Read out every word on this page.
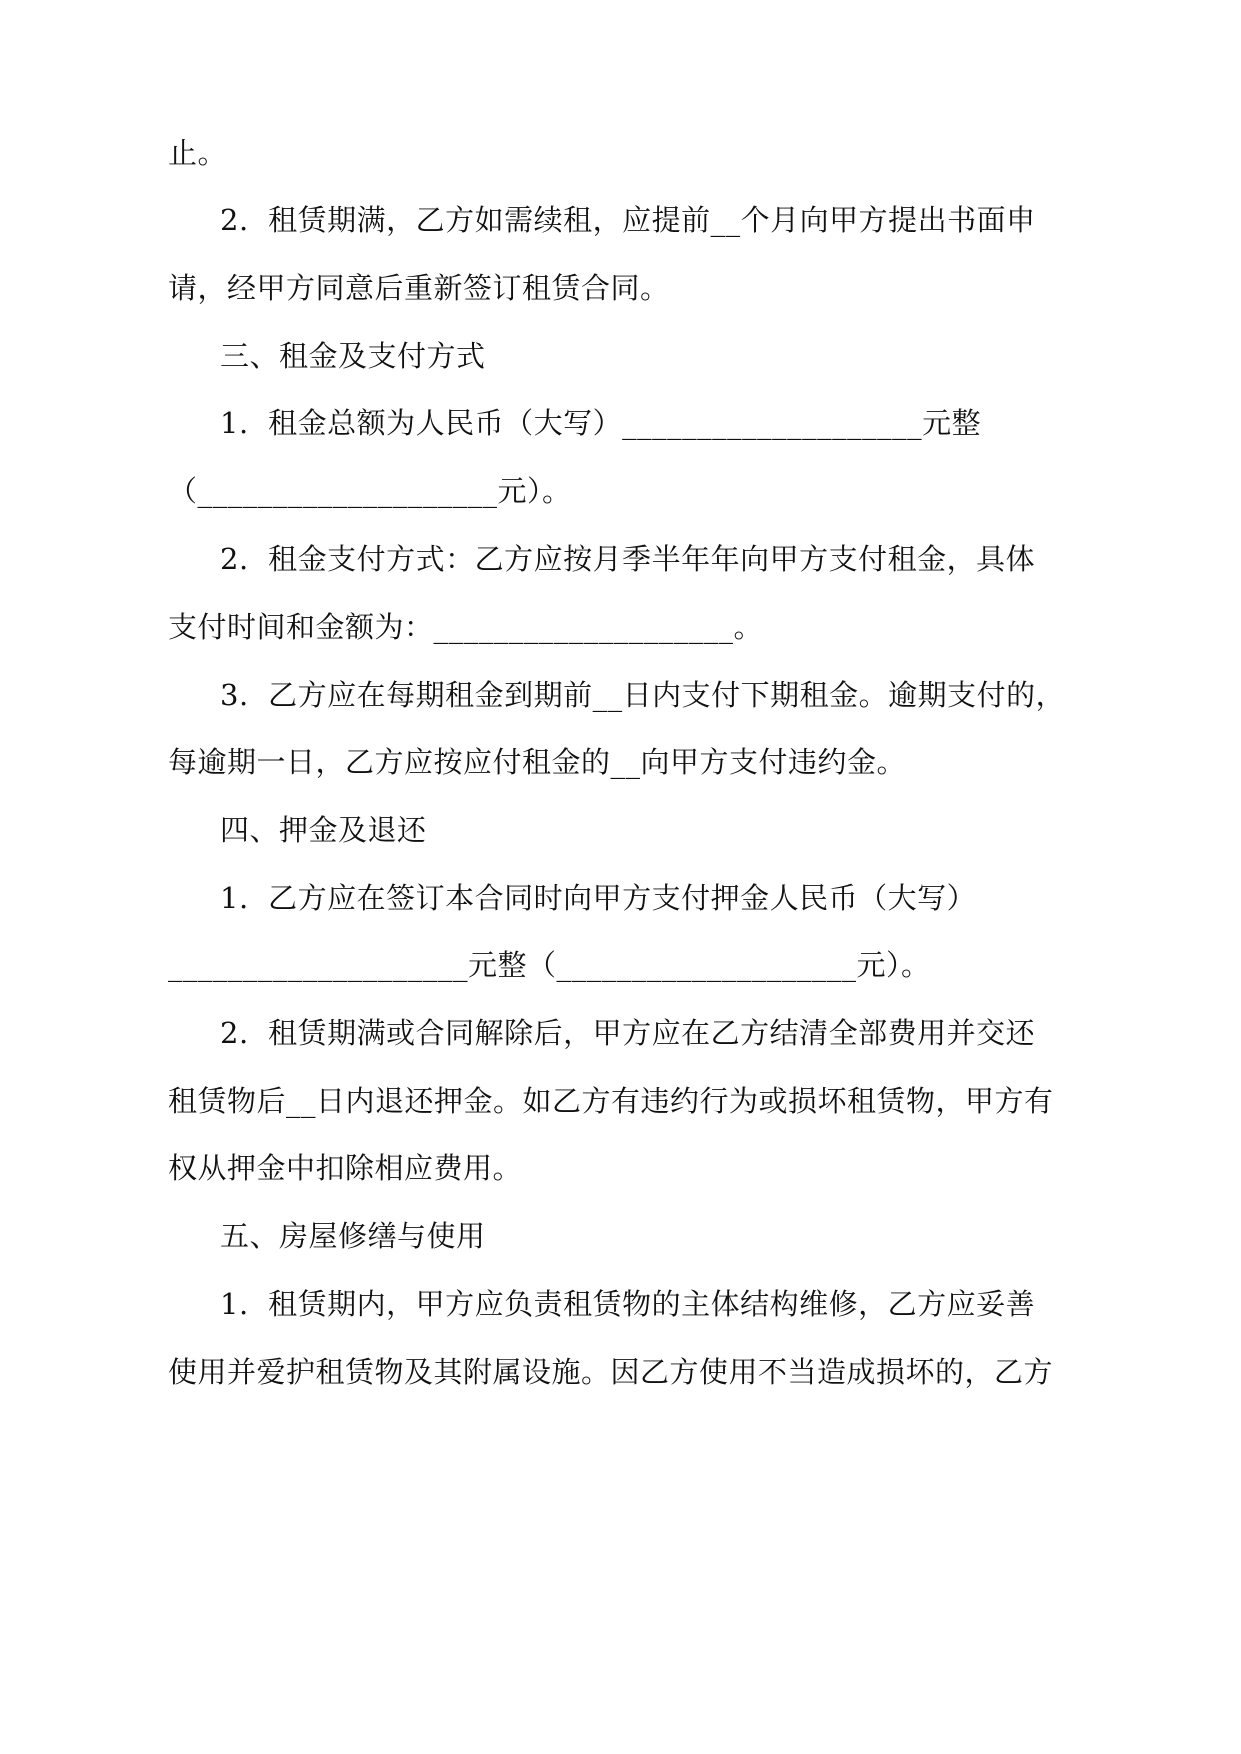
止。
2.  租赁期满，乙方如需续租，应提前__个月向甲方提出书面申
请，经甲方同意后重新签订租赁合同。
三、租金及支付方式
1.  租金总额为人民币（大写）____________________元整
（____________________元）。
2.  租金支付方式：乙方应按月季半年年向甲方支付租金，具体
支付时间和金额为：____________________。
3.  乙方应在每期租金到期前__日内支付下期租金。逾期支付的，
每逾期一日，乙方应按应付租金的__向甲方支付违约金。
四、押金及退还
1.  乙方应在签订本合同时向甲方支付押金人民币（大写）
____________________元整（____________________元）。
2.  租赁期满或合同解除后，甲方应在乙方结清全部费用并交还
租赁物后__日内退还押金。如乙方有违约行为或损坏租赁物，甲方有
权从押金中扣除相应费用。
五、房屋修缮与使用
1.  租赁期内，甲方应负责租赁物的主体结构维修，乙方应妥善
使用并爱护租赁物及其附属设施。因乙方使用不当造成损坏的，乙方
